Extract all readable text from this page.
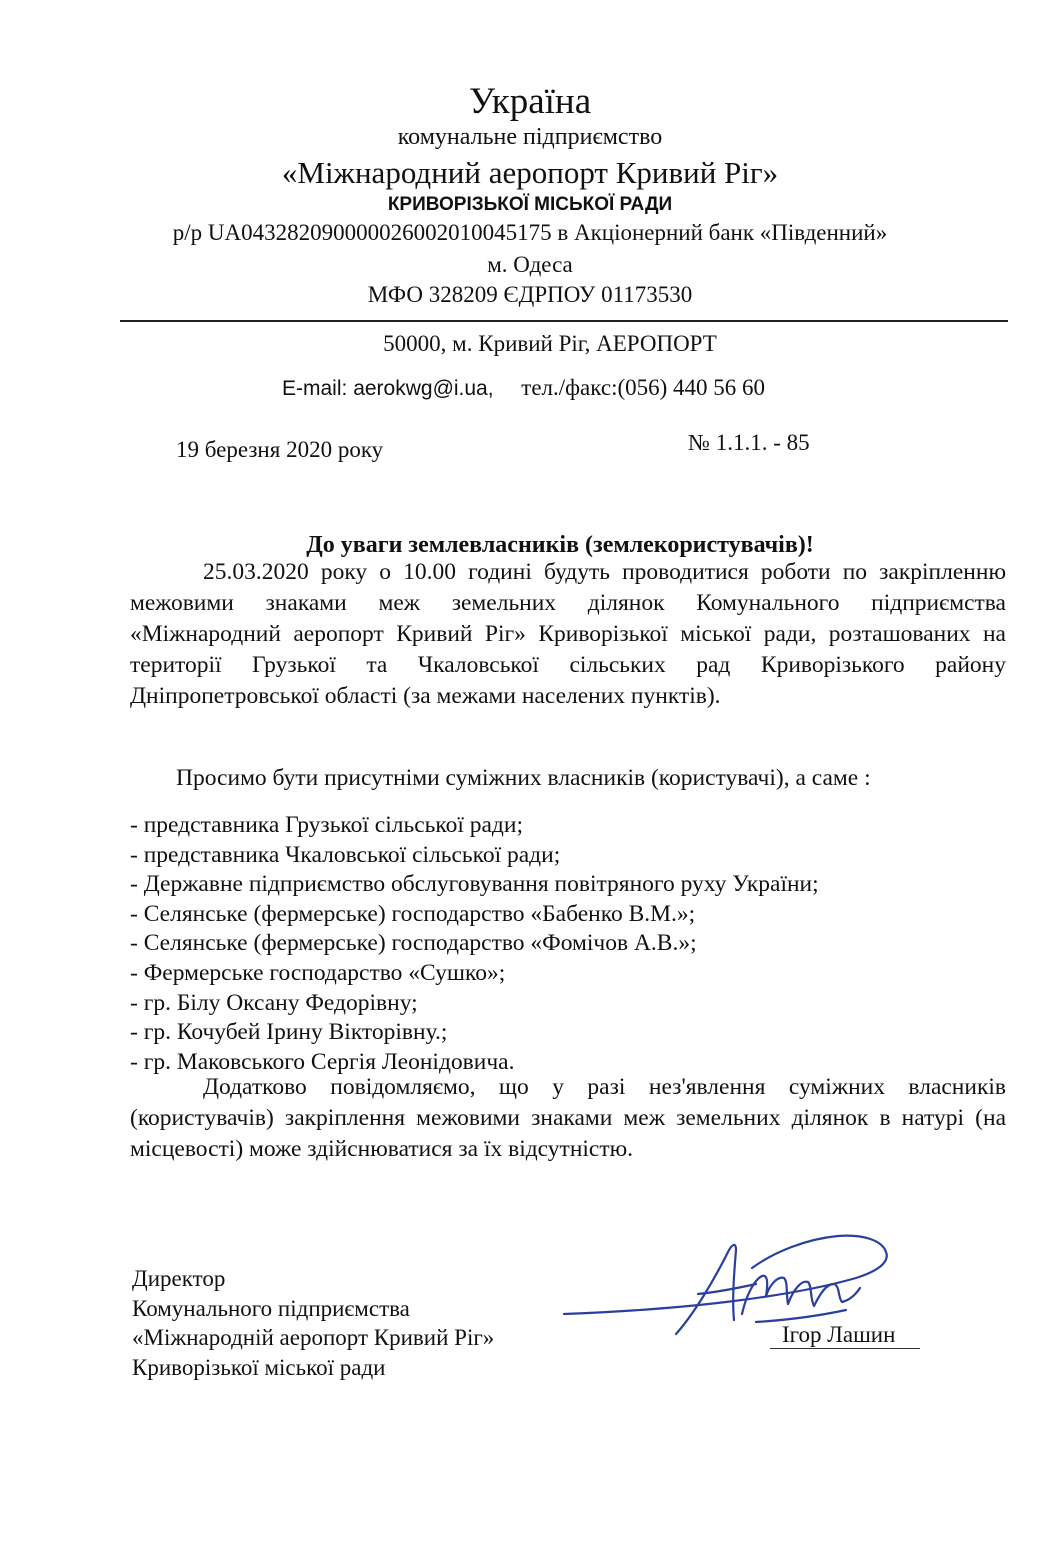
Україна
комунальне підприємство
«Міжнародний аеропорт Кривий Ріг»
КРИВОРІЗЬКОЇ МІСЬКОЇ РАДИ
р/р UA043282090000026002010045175 в Акціонерний банк «Південний»
м. Одеса
МФО 328209 ЄДРПОУ 01173530
50000, м. Кривий Ріг, АЕРОПОРТ
E-mail: aerokwg@i.ua, тел./факс:(056) 440 56 60
19 березня 2020 року	№ 1.1.1. - 85
До уваги землевласників (землекористувачів)!
25.03.2020 року о 10.00 годині будуть проводитися роботи по закріпленню межовими знаками меж земельних ділянок Комунального підприємства «Міжнародний аеропорт Кривий Ріг» Криворізької міської ради, розташованих на території Грузької та Чкаловської сільських рад Криворізького району Дніпропетровської області (за межами населених пунктів).
Просимо бути присутніми суміжних власників (користувачі), а саме :
- представника Грузької сільської ради;
- представника Чкаловської сільської ради;
- Державне підприємство обслуговування повітряного руху України;
- Селянське (фермерське) господарство «Бабенко В.М.»;
- Селянське (фермерське) господарство «Фомічов А.В.»;
- Фермерське господарство «Сушко»;
- гр. Білу Оксану Федорівну;
- гр. Кочубей Ірину Вікторівну.;
- гр. Маковського Сергія Леонідовича.
Додатково повідомляємо, що у разі нез'явлення суміжних власників (користувачів) закріплення межовими знаками меж земельних ділянок в натурі (на місцевості) може здійснюватися за їх відсутністю.
Директор
Комунального підприємства
«Міжнародній аеропорт Кривий Ріг»
Криворізької міської ради
Ігор Лашин
